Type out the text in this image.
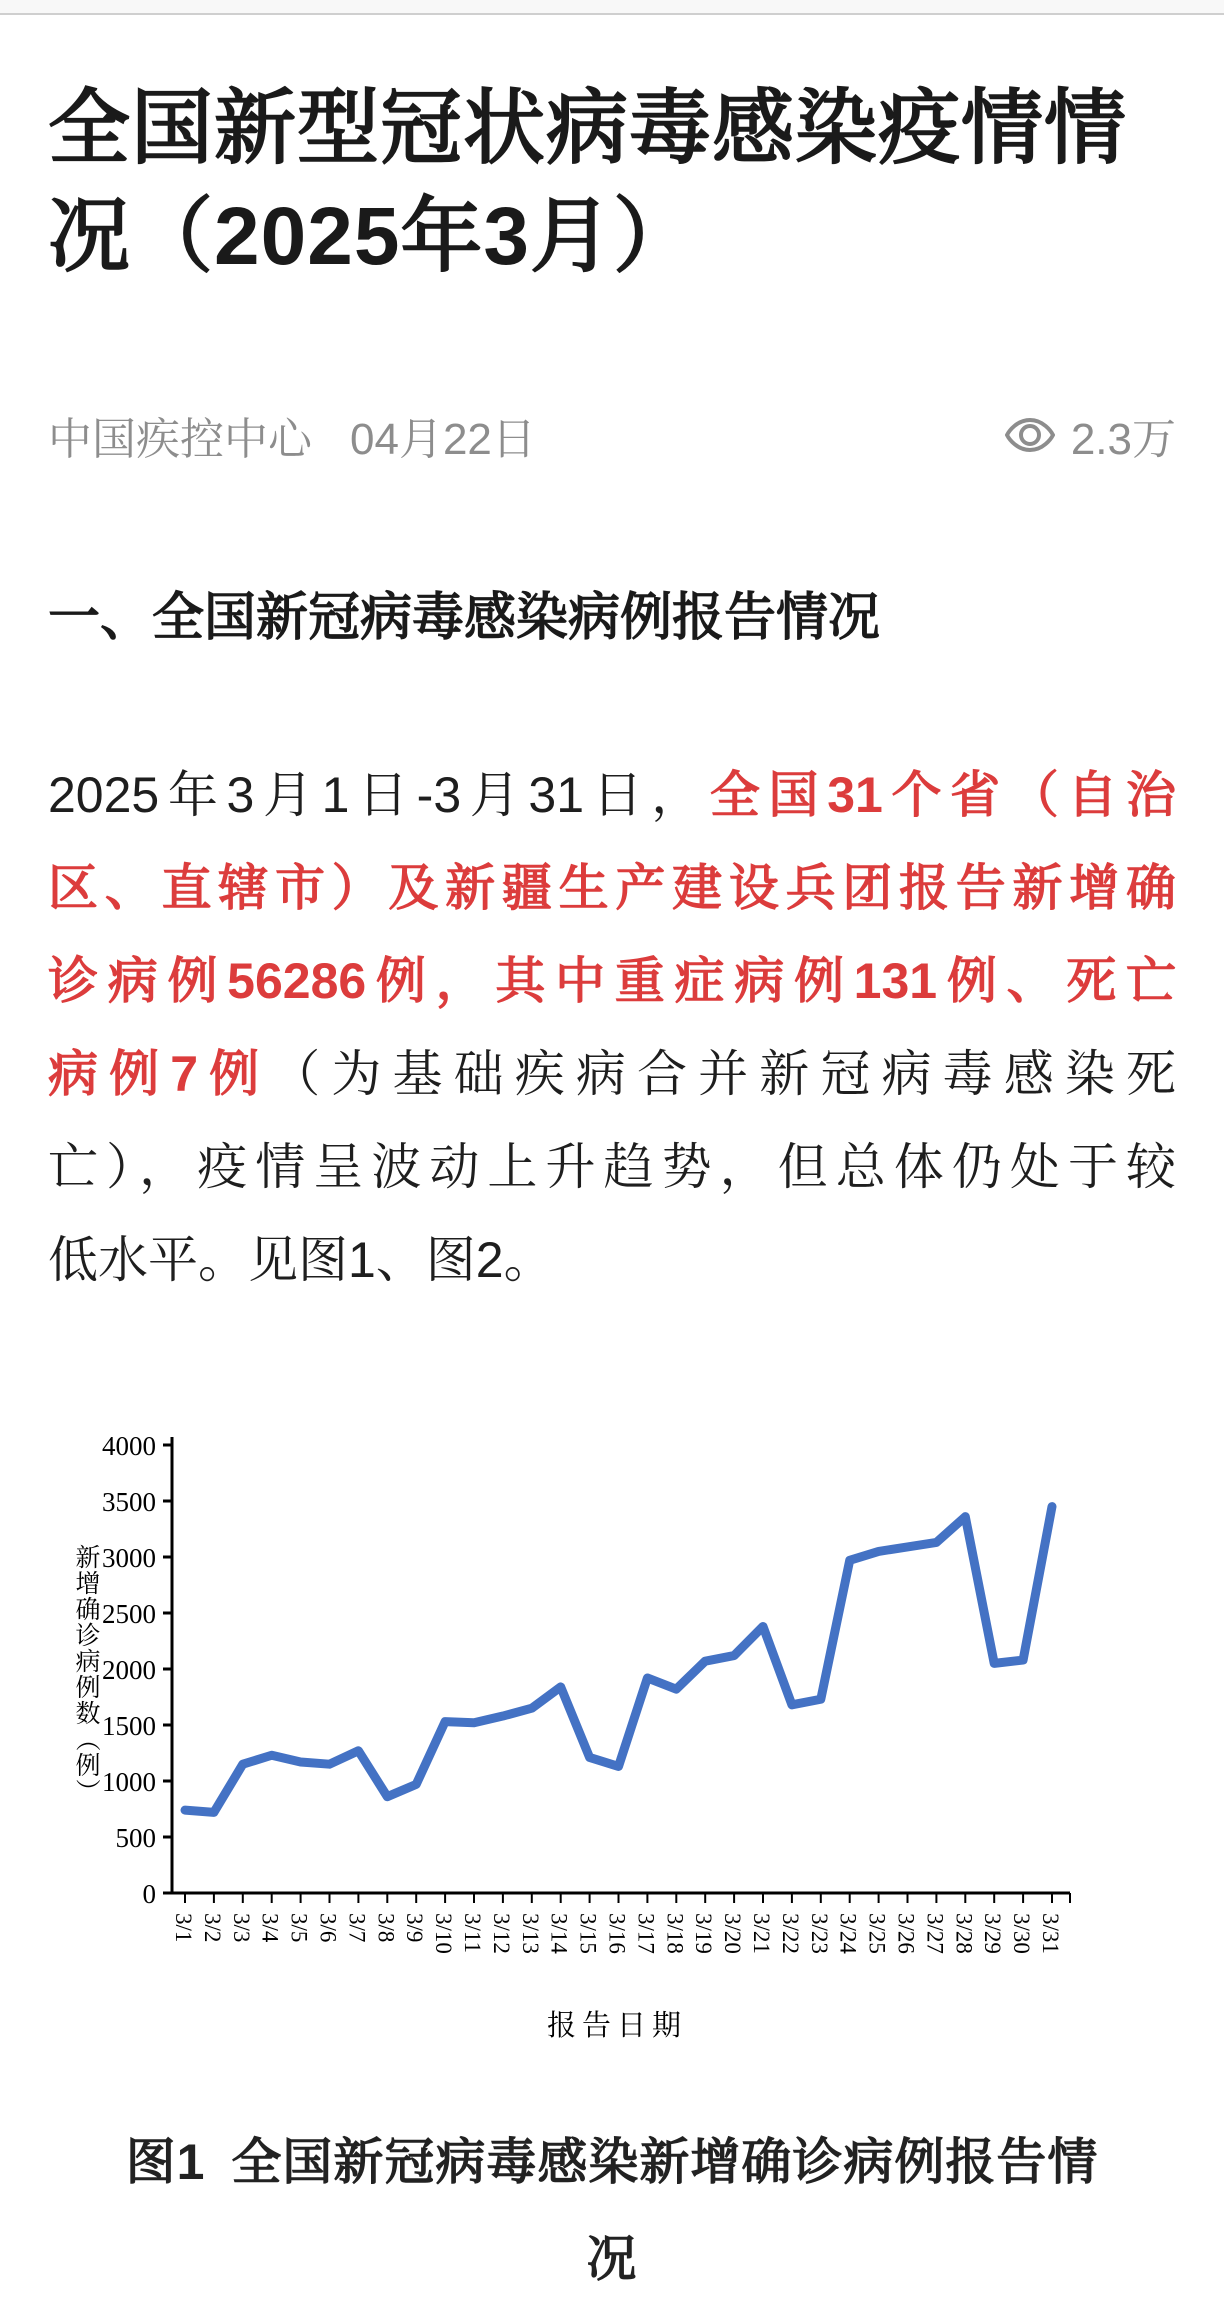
全国新型冠状病毒感染疫情情况（2025年3月）
中国疾控中心 04月22日	2.3万
一、全国新冠病毒感染病例报告情况
2025年3月1日-3月31日，全国31个省（自治
区、直辖市）及新疆生产建设兵团报告新增确
诊病例56286例，其中重症病例131例、死亡
病例7例（为基础疾病合并新冠病毒感染死
亡），疫情呈波动上升趋势，但总体仍处于较
低水平。见图1、图2。
0
500
1000
1500
2000
2500
3000
3500
4000
3/1 3/2 3/3 3/4 3/5 3/6 3/7 3/8 3/9 3/10 3/11 3/12 3/13 3/14 3/15 3/16 3/17 3/18 3/19 3/20 3/21 3/22 3/23 3/24 3/25 3/26 3/27 3/28 3/29 3/30 3/31
新
增
确
诊
病
例
数
（
例
）
报告日期
图1 全国新冠病毒感染新增确诊病例报告情
况
